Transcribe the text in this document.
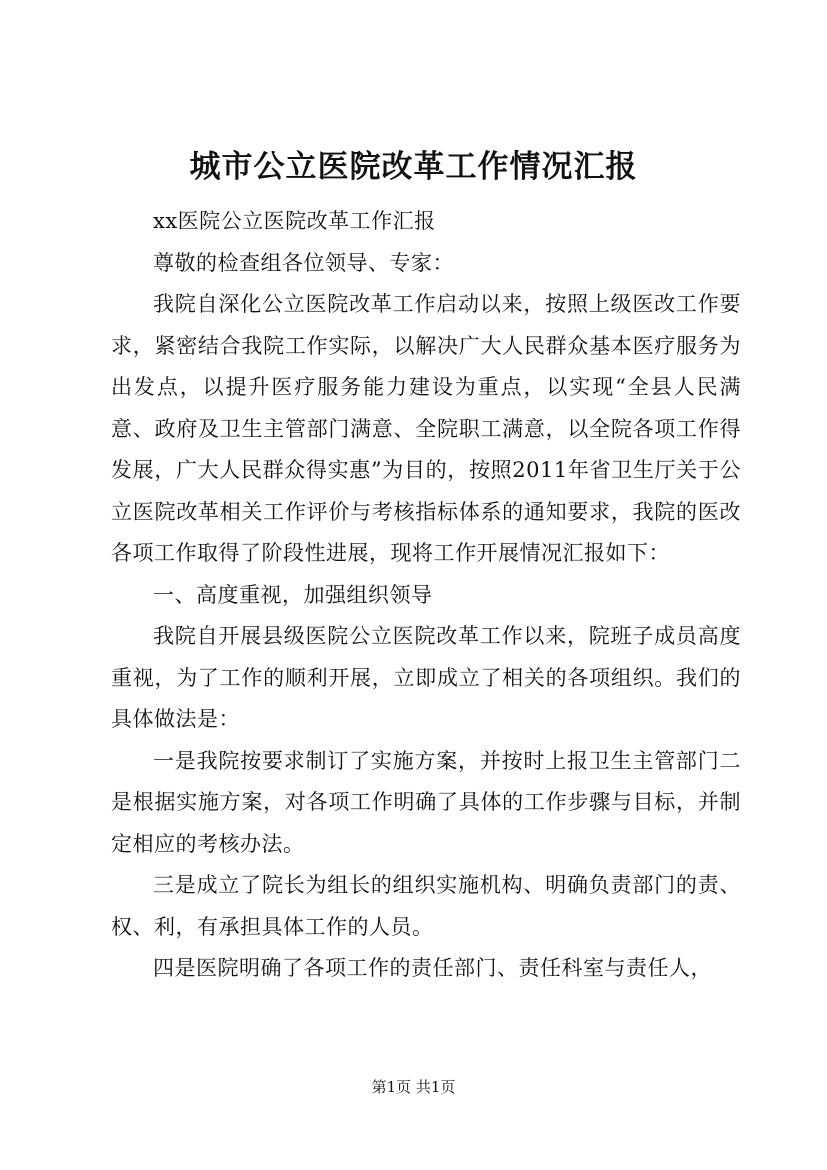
城市公立医院改革工作情况汇报

xx医院公立医院改革工作汇报

尊敬的检查组各位领导、专家：

我院自深化公立医院改革工作启动以来，按照上级医改工作要求，紧密结合我院工作实际，以解决广大人民群众基本医疗服务为出发点，以提升医疗服务能力建设为重点，以实现“全县人民满意、政府及卫生主管部门满意、全院职工满意，以全院各项工作得发展，广大人民群众得实惠”为目的，按照2011年省卫生厅关于公立医院改革相关工作评价与考核指标体系的通知要求，我院的医改各项工作取得了阶段性进展，现将工作开展情况汇报如下：

一、高度重视，加强组织领导

我院自开展县级医院公立医院改革工作以来，院班子成员高度重视，为了工作的顺利开展，立即成立了相关的各项组织。我们的具体做法是：

一是我院按要求制订了实施方案，并按时上报卫生主管部门二是根据实施方案，对各项工作明确了具体的工作步骤与目标，并制定相应的考核办法。

三是成立了院长为组长的组织实施机构、明确负责部门的责、权、利，有承担具体工作的人员。

四是医院明确了各项工作的责任部门、责任科室与责任人，

第1页 共1页
